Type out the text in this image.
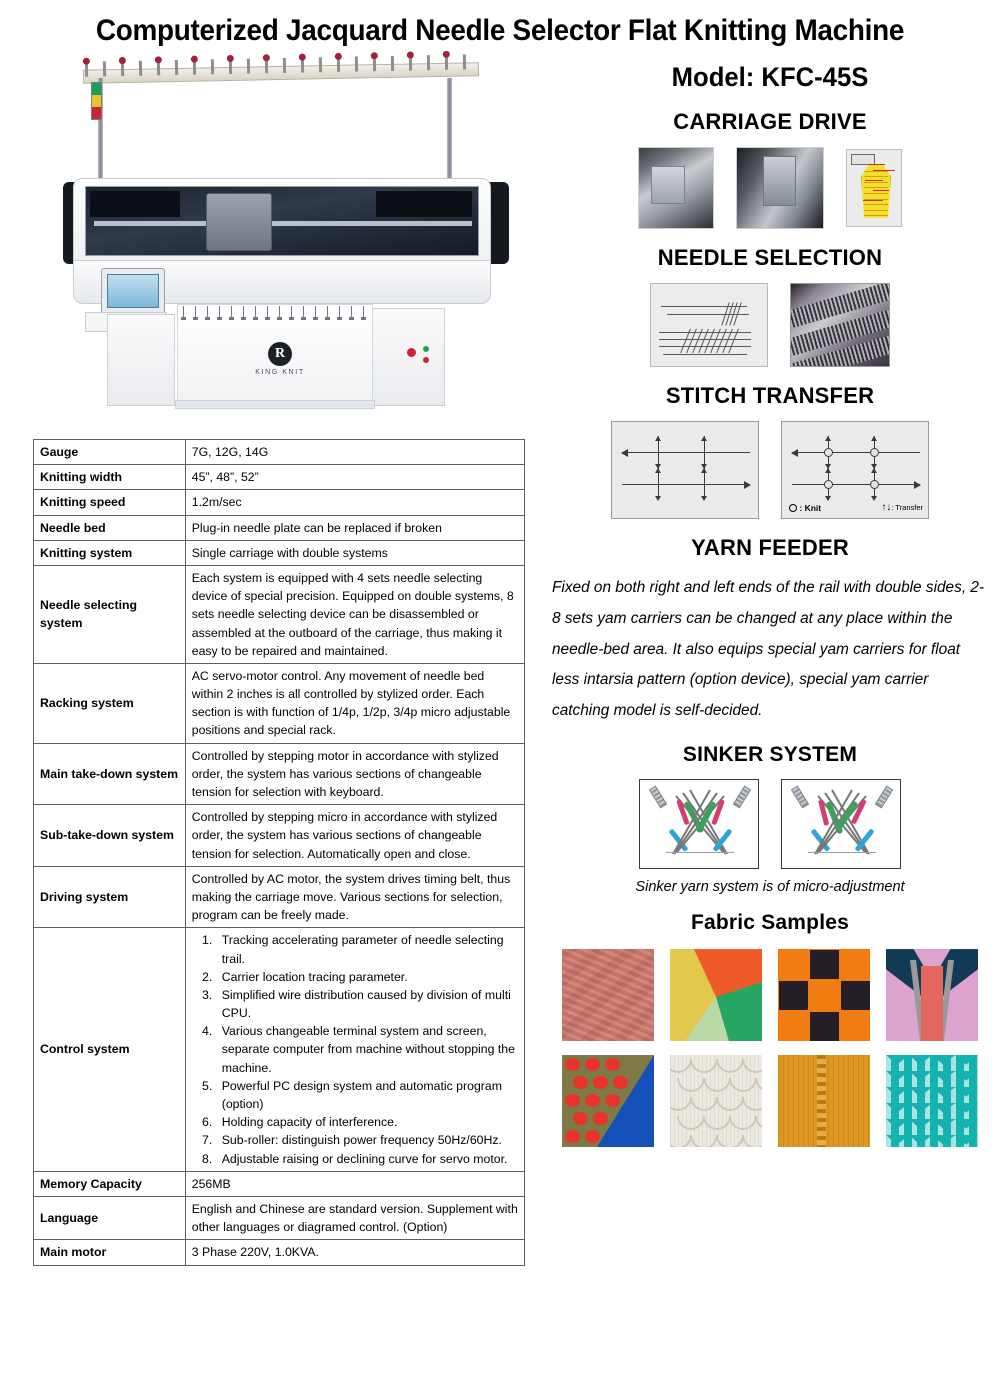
Computerized Jacquard Needle Selector Flat Knitting Machine
R
KING KNIT
Gauge	7G, 12G, 14G
Knitting width	45”, 48”, 52”
Knitting speed	1.2m/sec
Needle bed	Plug-in needle plate can be replaced if broken
Knitting system	Single carriage with double systems
Needle selecting system	Each system is equipped with 4 sets needle selecting device of special precision. Equipped on double systems, 8 sets needle selecting device can be disassembled or assembled at the outboard of the carriage, thus making it easy to be repaired and maintained.
Racking system	AC servo-motor control. Any movement of needle bed within 2 inches is all controlled by stylized order. Each section is with function of 1/4p, 1/2p, 3/4p micro adjustable positions and special rack.
Main take-down system	Controlled by stepping motor in accordance with stylized order, the system has various sections of changeable tension for selection with keyboard.
Sub-take-down system	Controlled by stepping micro in accordance with stylized order, the system has various sections of changeable tension for selection. Automatically open and close.
Driving system	Controlled by AC motor, the system drives timing belt, thus making the carriage move. Various sections for selection, program can be freely made.
Control system	
1. Tracking accelerating parameter of needle selecting trail.
2. Carrier location tracing parameter.
3. Simplified wire distribution caused by division of multi CPU.
4. Various changeable terminal system and screen, separate computer from machine without stopping the machine.
5. Powerful PC design system and automatic program (option)
6. Holding capacity of interference.
7. Sub-roller: distinguish power frequency 50Hz/60Hz.
8. Adjustable raising or declining curve for servo motor.

Memory Capacity	256MB
Language	English and Chinese are standard version. Supplement with other languages or diagramed control. (Option)
Main motor	3 Phase 220V, 1.0KVA.
Model: KFC-45S
CARRIAGE DRIVE
NEEDLE SELECTION
STITCH TRANSFER
: Knit	↑↓: Transfer
YARN FEEDER
Fixed on both right and left ends of the rail with double sides, 2-8 sets yam carriers can be changed at any place within the needle-bed area. It also equips special yam carriers for float less intarsia pattern (option device), special yam carrier catching model is self-decided.
SINKER SYSTEM
Sinker yarn system is of micro-adjustment
Fabric Samples
